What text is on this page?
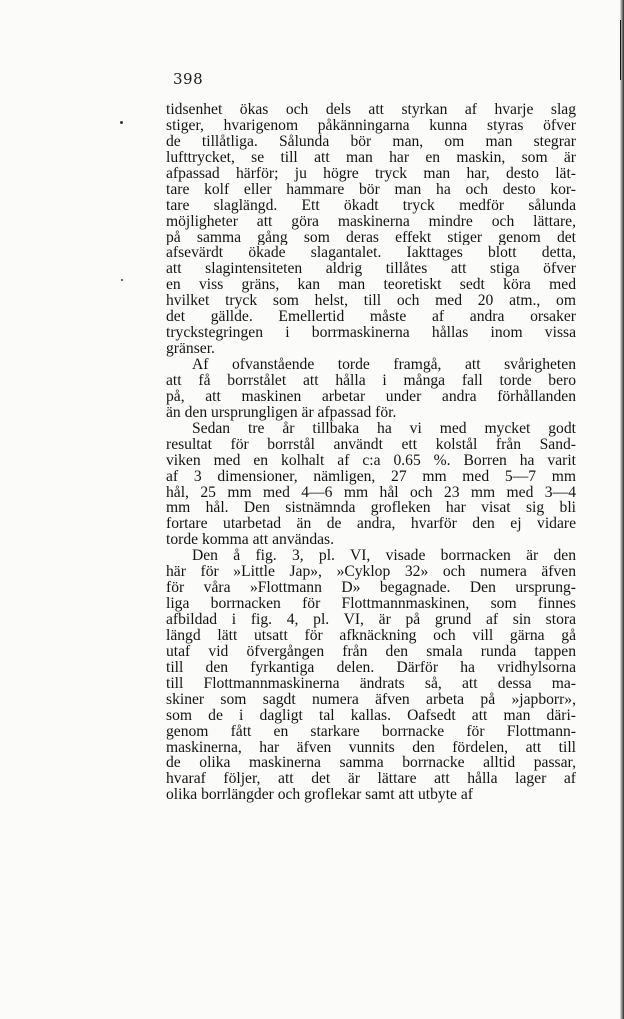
398
tidsenhet ökas och dels att styrkan af hvarje slag
stiger, hvarigenom påkänningarna kunna styras öfver
de tillåtliga. Sålunda bör man, om man stegrar
lufttrycket, se till att man har en maskin, som är
afpassad härför; ju högre tryck man har, desto lät-
tare kolf eller hammare bör man ha och desto kor-
tare slaglängd. Ett ökadt tryck medför sålunda
möjligheter att göra maskinerna mindre och lättare,
på samma gång som deras effekt stiger genom det
afsevärdt ökade slagantalet. Iakttages blott detta,
att slagintensiteten aldrig tillåtes att stiga öfver
en viss gräns, kan man teoretiskt sedt köra med
hvilket tryck som helst, till och med 20 atm., om
det gällde. Emellertid måste af andra orsaker
tryckstegringen i borrmaskinerna hållas inom vissa
gränser.
Af ofvanstående torde framgå, att svårigheten
att få borrstålet att hålla i många fall torde bero
på, att maskinen arbetar under andra förhållanden
än den ursprungligen är afpassad för.
Sedan tre år tillbaka ha vi med mycket godt
resultat för borrstål användt ett kolstål från Sand-
viken med en kolhalt af c:a 0.65 %. Borren ha varit
af 3 dimensioner, nämligen, 27 mm med 5—7 mm
hål, 25 mm med 4—6 mm hål och 23 mm med 3—4
mm hål. Den sistnämnda grofleken har visat sig bli
fortare utarbetad än de andra, hvarför den ej vidare
torde komma att användas.
Den å fig. 3, pl. VI, visade borrnacken är den
här för »Little Jap», »Cyklop 32» och numera äfven
för våra »Flottmann D» begagnade. Den ursprung-
liga borrnacken för Flottmannmaskinen, som finnes
afbildad i fig. 4, pl. VI, är på grund af sin stora
längd lätt utsatt för afknäckning och vill gärna gå
utaf vid öfvergången från den smala runda tappen
till den fyrkantiga delen. Därför ha vridhylsorna
till Flottmannmaskinerna ändrats så, att dessa ma-
skiner som sagdt numera äfven arbeta på »japborr»,
som de i dagligt tal kallas. Oafsedt att man däri-
genom fått en starkare borrnacke för Flottmann-
maskinerna, har äfven vunnits den fördelen, att till
de olika maskinerna samma borrnacke alltid passar,
hvaraf följer, att det är lättare att hålla lager af
olika borrlängder och groflekar samt att utbyte af
